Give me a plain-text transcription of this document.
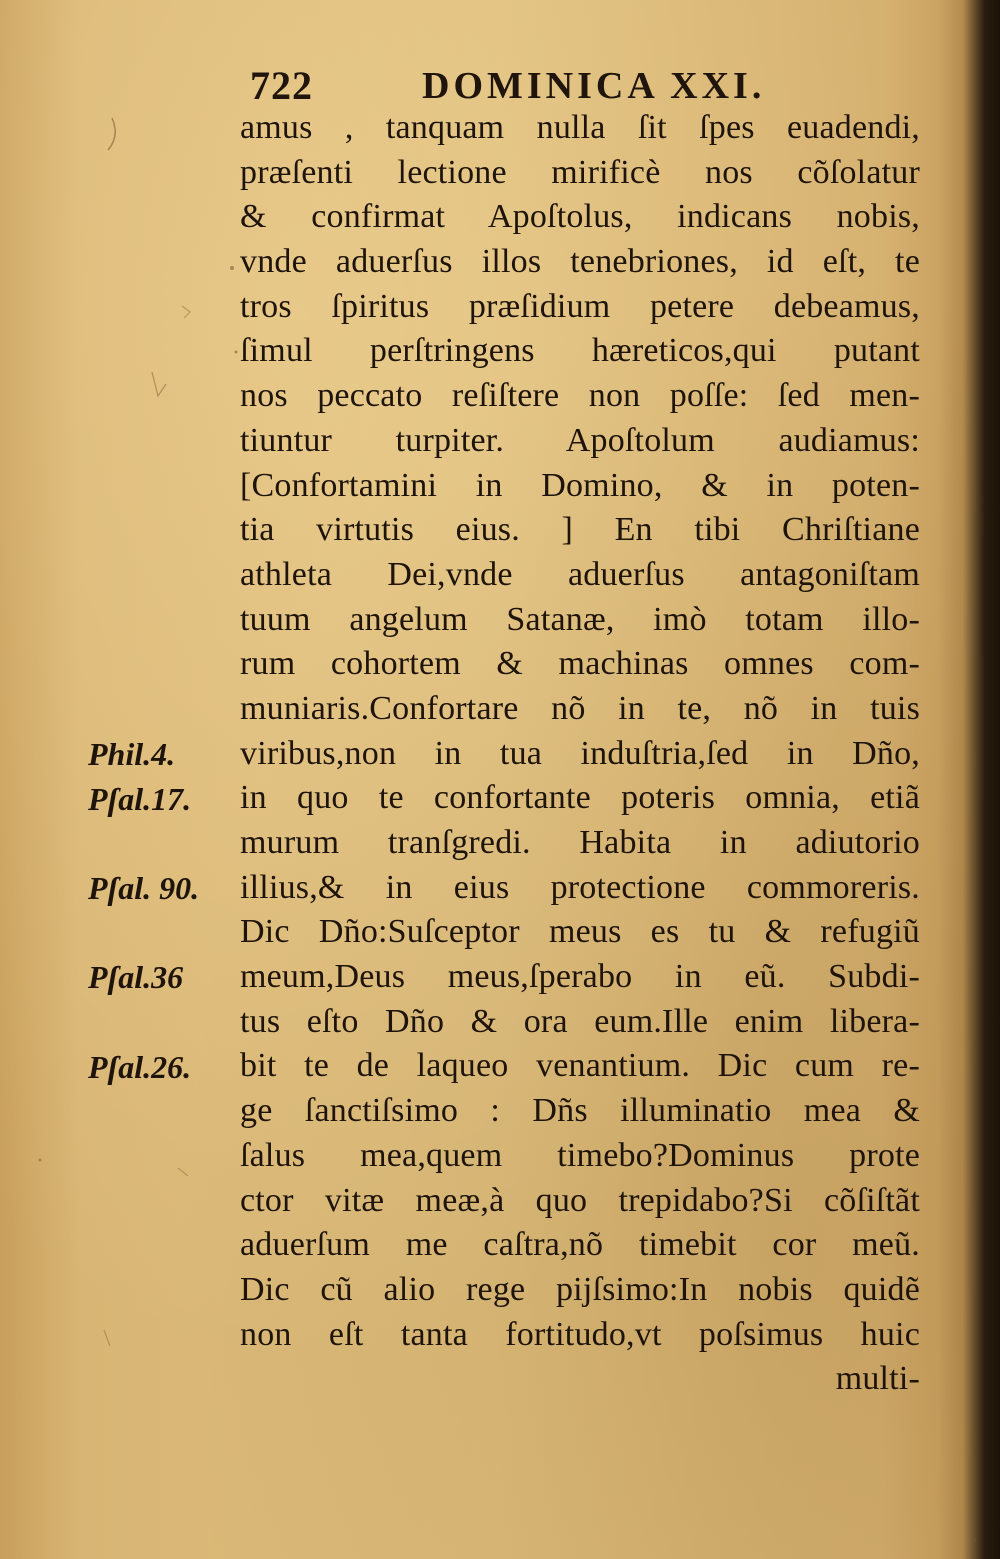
722	DOMINICA XXI.
Phil.4.
Pſal.17.
Pſal. 90.
Pſal.36
Pſal.26.
amus , tanquam nulla ſit ſpes euadendi,
præſenti lectione mirificè nos cõſolatur
& confirmat Apoſtolus, indicans nobis,
vnde aduerſus illos tenebriones, id eſt, te
tros ſpiritus præſidium petere debeamus,
ſimul perſtringens hæreticos,qui putant
nos peccato reſiſtere non poſſe: ſed men-
tiuntur turpiter. Apoſtolum audiamus:
[Confortamini in Domino, & in poten-
tia virtutis eius. ] En tibi Chriſtiane
athleta Dei,vnde aduerſus antagoniſtam
tuum angelum Satanæ, imò totam illo-
rum cohortem & machinas omnes com-
muniaris.Confortare nõ in te, nõ in tuis
viribus,non in tua induſtria,ſed in Dño,
in quo te confortante poteris omnia, etiã
murum tranſgredi. Habita in adiutorio
illius,& in eius protectione commoreris.
Dic Dño:Suſceptor meus es tu & refugiũ
meum,Deus meus,ſperabo in eũ. Subdi-
tus eſto Dño & ora eum.Ille enim libera-
bit te de laqueo venantium. Dic cum re-
ge ſanctiſsimo : Dñs illuminatio mea &
ſalus mea,quem timebo?Dominus prote
ctor vitæ meæ,à quo trepidabo?Si cõſiſtãt
aduerſum me caſtra,nõ timebit cor meũ.
Dic cũ alio rege pijſsimo:In nobis quidẽ
non eſt tanta fortitudo,vt poſsimus huic
multi-
